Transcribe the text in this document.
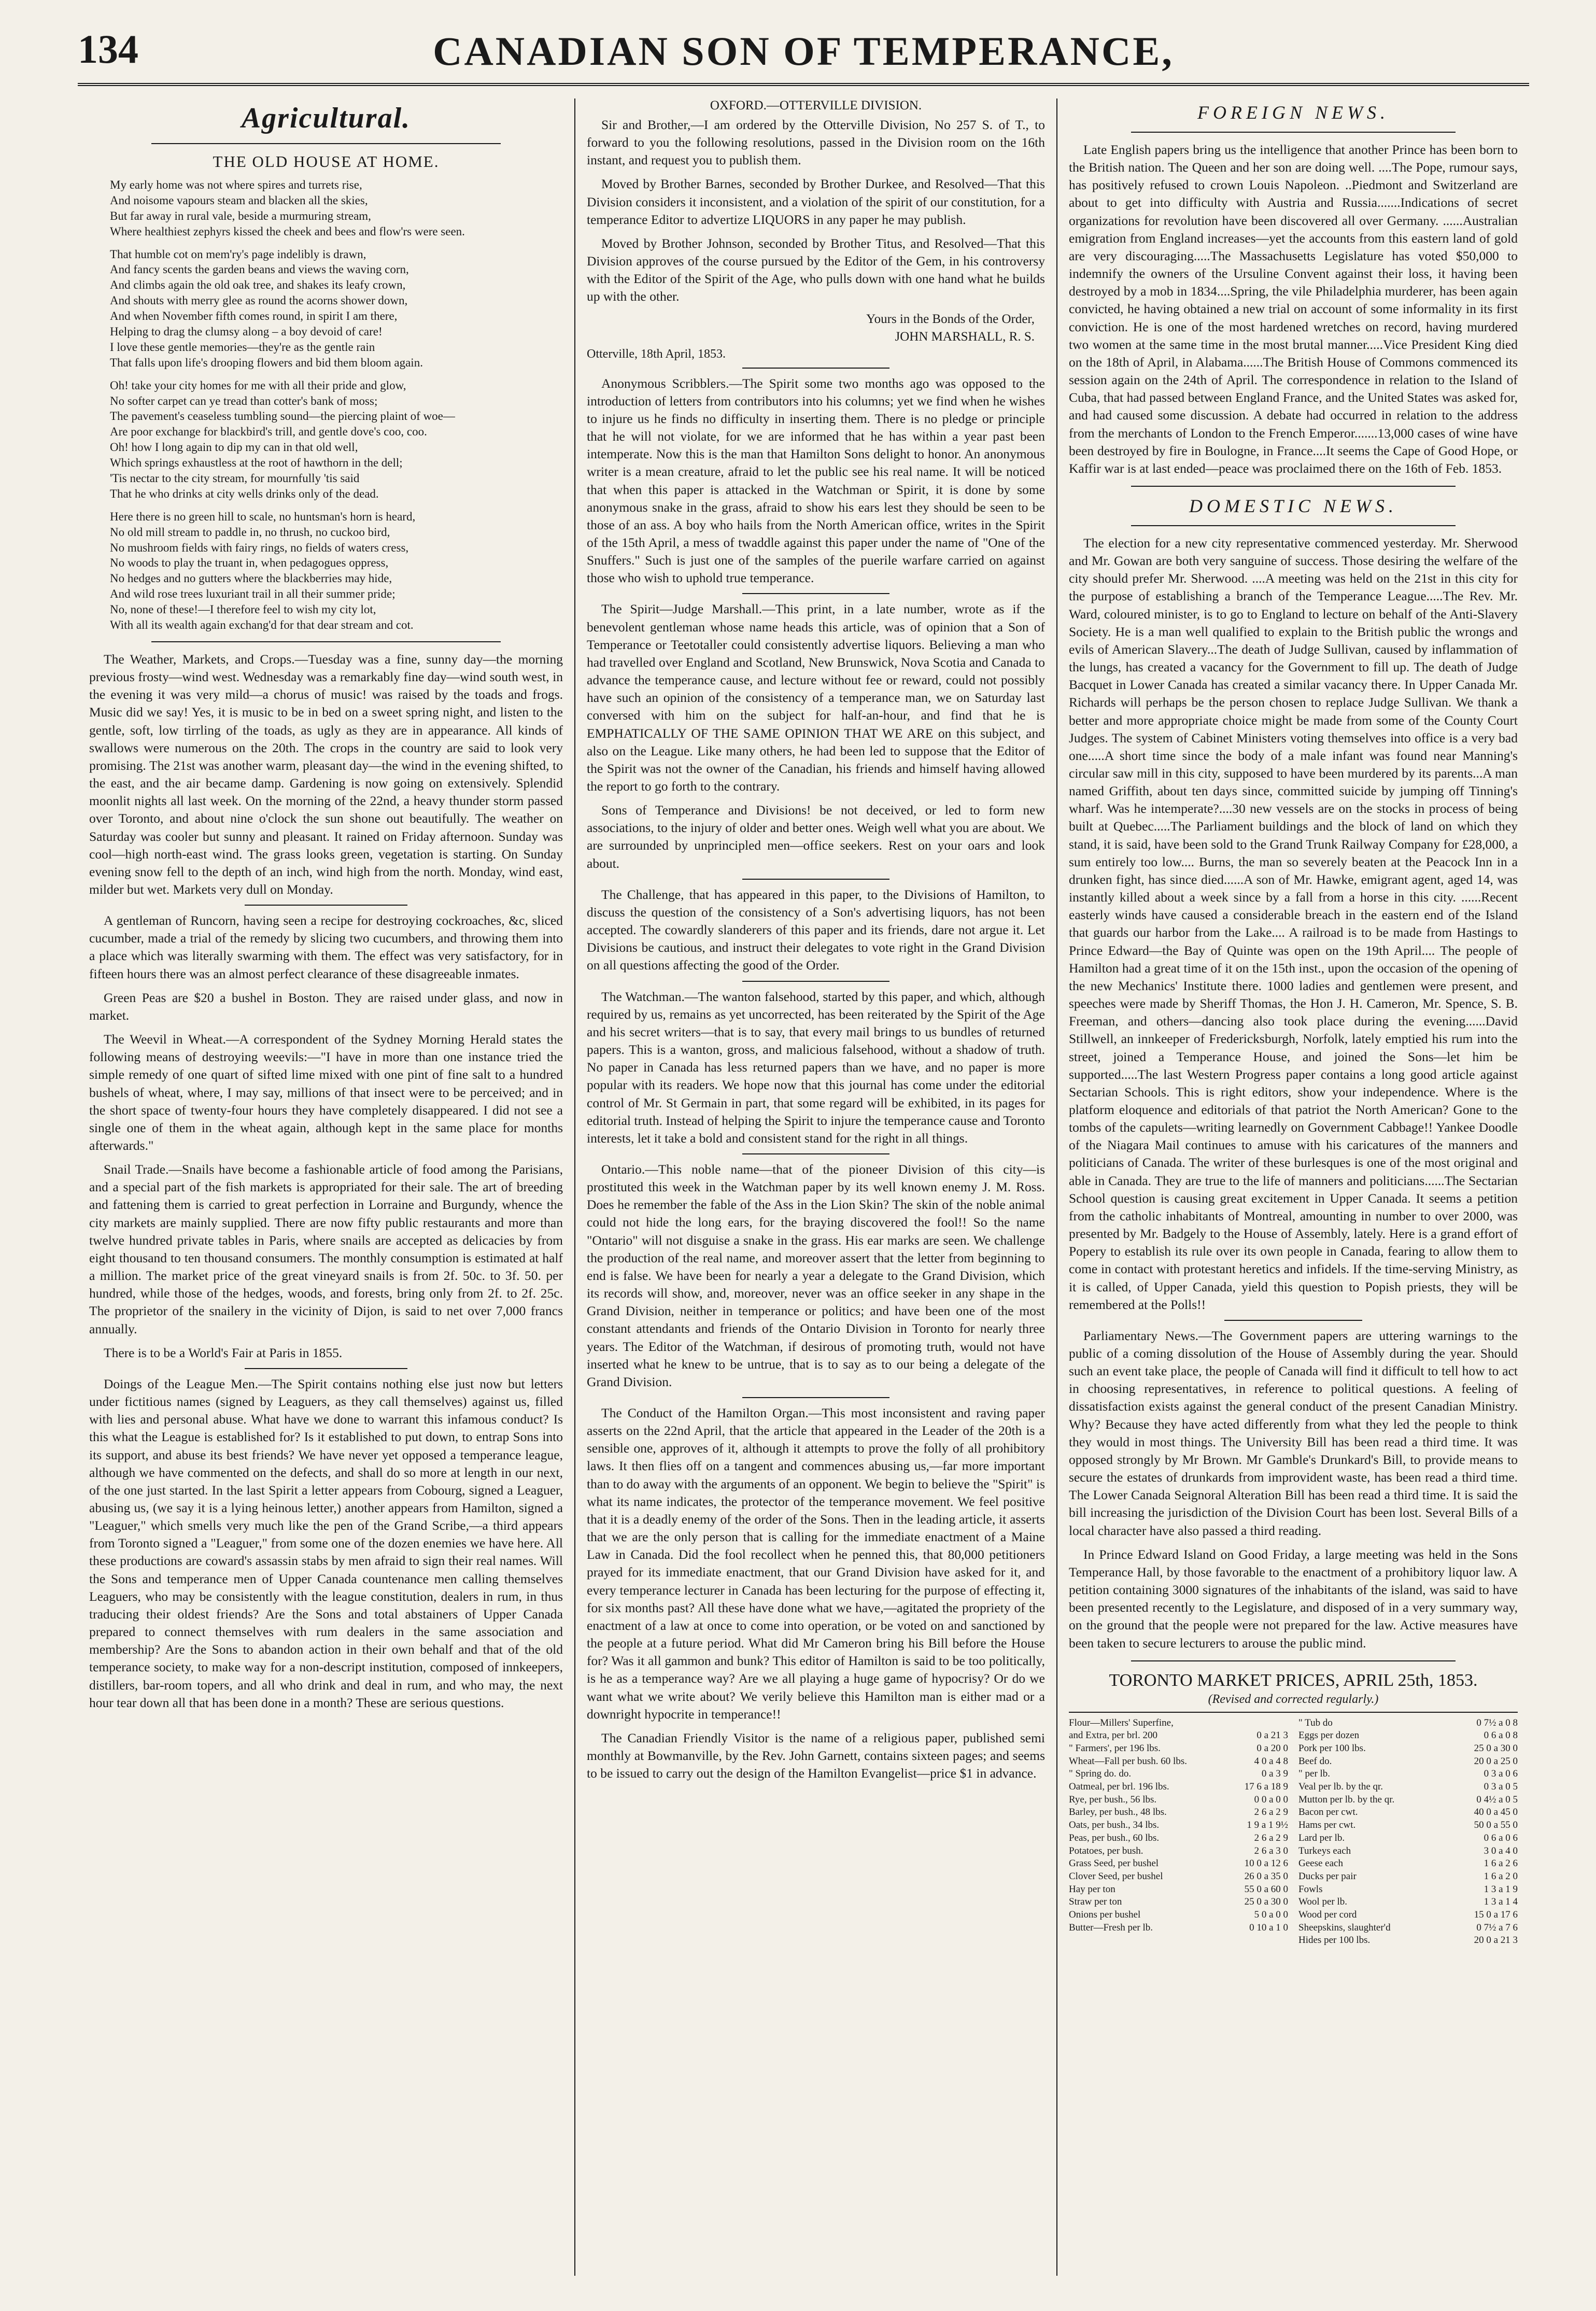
134	CANADIAN SON OF TEMPERANCE,
Agricultural.
THE OLD HOUSE AT HOME.

My early home was not where spires and turrets rise,

And noisome vapours steam and blacken all the skies,

But far away in rural vale, beside a murmuring stream,

Where healthiest zephyrs kissed the cheek and bees and flow'rs were seen.

That humble cot on mem'ry's page indelibly is drawn,

And fancy scents the garden beans and views the waving corn,

And climbs again the old oak tree, and shakes its leafy crown,

And shouts with merry glee as round the acorns shower down,

And when November fifth comes round, in spirit I am there,

Helping to drag the clumsy along – a boy devoid of care!

I love these gentle memories—they're as the gentle rain

That falls upon life's drooping flowers and bid them bloom again.

Oh! take your city homes for me with all their pride and glow,

No softer carpet can ye tread than cotter's bank of moss;

The pavement's ceaseless tumbling sound—the piercing plaint of woe—

Are poor exchange for blackbird's trill, and gentle dove's coo, coo.

Oh! how I long again to dip my can in that old well,

Which springs exhaustless at the root of hawthorn in the dell;

'Tis nectar to the city stream, for mournfully 'tis said

That he who drinks at city wells drinks only of the dead.

Here there is no green hill to scale, no huntsman's horn is heard,

No old mill stream to paddle in, no thrush, no cuckoo bird,

No mushroom fields with fairy rings, no fields of waters cress,

No woods to play the truant in, when pedagogues oppress,

No hedges and no gutters where the blackberries may hide,

And wild rose trees luxuriant trail in all their summer pride;

No, none of these!—I therefore feel to wish my city lot,

With all its wealth again exchang'd for that dear stream and cot.

The Weather, Markets, and Crops.—Tuesday was a fine, sunny day—the morning previous frosty—wind west. Wednesday was a remarkably fine day—wind south west, in the evening it was very mild—a chorus of music! was raised by the toads and frogs. Music did we say! Yes, it is music to be in bed on a sweet spring night, and listen to the gentle, soft, low tirrling of the toads, as ugly as they are in appearance. All kinds of swallows were numerous on the 20th. The crops in the country are said to look very promising. The 21st was another warm, pleasant day—the wind in the evening shifted, to the east, and the air became damp. Gardening is now going on extensively. Splendid moonlit nights all last week. On the morning of the 22nd, a heavy thunder storm passed over Toronto, and about nine o'clock the sun shone out beautifully. The weather on Saturday was cooler but sunny and pleasant. It rained on Friday afternoon. Sunday was cool—high north-east wind. The grass looks green, vegetation is starting. On Sunday evening snow fell to the depth of an inch, wind high from the north. Monday, wind east, milder but wet. Markets very dull on Monday.

A gentleman of Runcorn, having seen a recipe for destroying cockroaches, &c, sliced cucumber, made a trial of the remedy by slicing two cucumbers, and throwing them into a place which was literally swarming with them. The effect was very satisfactory, for in fifteen hours there was an almost perfect clearance of these disagreeable inmates.

Green Peas are $20 a bushel in Boston. They are raised under glass, and now in market.

The Weevil in Wheat.—A correspondent of the Sydney Morning Herald states the following means of destroying weevils:—"I have in more than one instance tried the simple remedy of one quart of sifted lime mixed with one pint of fine salt to a hundred bushels of wheat, where, I may say, millions of that insect were to be perceived; and in the short space of twenty-four hours they have completely disappeared. I did not see a single one of them in the wheat again, although kept in the same place for months afterwards."

Snail Trade.—Snails have become a fashionable article of food among the Parisians, and a special part of the fish markets is appropriated for their sale. The art of breeding and fattening them is carried to great perfection in Lorraine and Burgundy, whence the city markets are mainly supplied. There are now fifty public restaurants and more than twelve hundred private tables in Paris, where snails are accepted as delicacies by from eight thousand to ten thousand consumers. The monthly consumption is estimated at half a million. The market price of the great vineyard snails is from 2f. 50c. to 3f. 50. per hundred, while those of the hedges, woods, and forests, bring only from 2f. to 2f. 25c. The proprietor of the snailery in the vicinity of Dijon, is said to net over 7,000 francs annually.

There is to be a World's Fair at Paris in 1855.

Doings of the League Men.—The Spirit contains nothing else just now but letters under fictitious names (signed by Leaguers, as they call themselves) against us, filled with lies and personal abuse. What have we done to warrant this infamous conduct? Is this what the League is established for? Is it established to put down, to entrap Sons into its support, and abuse its best friends? We have never yet opposed a temperance league, although we have commented on the defects, and shall do so more at length in our next, of the one just started. In the last Spirit a letter appears from Cobourg, signed a Leaguer, abusing us, (we say it is a lying heinous letter,) another appears from Hamilton, signed a "Leaguer," which smells very much like the pen of the Grand Scribe,—a third appears from Toronto signed a "Leaguer," from some one of the dozen enemies we have here. All these productions are coward's assassin stabs by men afraid to sign their real names. Will the Sons and temperance men of Upper Canada countenance men calling themselves Leaguers, who may be consistently with the league constitution, dealers in rum, in thus traducing their oldest friends? Are the Sons and total abstainers of Upper Canada prepared to connect themselves with rum dealers in the same association and membership? Are the Sons to abandon action in their own behalf and that of the old temperance society, to make way for a non-descript institution, composed of innkeepers, distillers, bar-room topers, and all who drink and deal in rum, and who may, the next hour tear down all that has been done in a month? These are serious questions.

OXFORD.—OTTERVILLE DIVISION.

Sir and Brother,—I am ordered by the Otterville Division, No 257 S. of T., to forward to you the following resolutions, passed in the Division room on the 16th instant, and request you to publish them.

Moved by Brother Barnes, seconded by Brother Durkee, and Resolved—That this Division considers it inconsistent, and a violation of the spirit of our constitution, for a temperance Editor to advertize LIQUORS in any paper he may publish.

Moved by Brother Johnson, seconded by Brother Titus, and Resolved—That this Division approves of the course pursued by the Editor of the Gem, in his controversy with the Editor of the Spirit of the Age, who pulls down with one hand what he builds up with the other.

Yours in the Bonds of the Order,
JOHN MARSHALL, R. S.
Otterville, 18th April, 1853.

Anonymous Scribblers.—The Spirit some two months ago was opposed to the introduction of letters from contributors into his columns; yet we find when he wishes to injure us he finds no difficulty in inserting them. There is no pledge or principle that he will not violate, for we are informed that he has within a year past been intemperate. Now this is the man that Hamilton Sons delight to honor. An anonymous writer is a mean creature, afraid to let the public see his real name. It will be noticed that when this paper is attacked in the Watchman or Spirit, it is done by some anonymous snake in the grass, afraid to show his ears lest they should be seen to be those of an ass. A boy who hails from the North American office, writes in the Spirit of the 15th April, a mess of twaddle against this paper under the name of "One of the Snuffers." Such is just one of the samples of the puerile warfare carried on against those who wish to uphold true temperance.

The Spirit—Judge Marshall.—This print, in a late number, wrote as if the benevolent gentleman whose name heads this article, was of opinion that a Son of Temperance or Teetotaller could consistently advertise liquors. Believing a man who had travelled over England and Scotland, New Brunswick, Nova Scotia and Canada to advance the temperance cause, and lecture without fee or reward, could not possibly have such an opinion of the consistency of a temperance man, we on Saturday last conversed with him on the subject for half-an-hour, and find that he is EMPHATICALLY OF THE SAME OPINION THAT WE ARE on this subject, and also on the League. Like many others, he had been led to suppose that the Editor of the Spirit was not the owner of the Canadian, his friends and himself having allowed the report to go forth to the contrary.

Sons of Temperance and Divisions! be not deceived, or led to form new associations, to the injury of older and better ones. Weigh well what you are about. We are surrounded by unprincipled men—office seekers. Rest on your oars and look about.

The Challenge, that has appeared in this paper, to the Divisions of Hamilton, to discuss the question of the consistency of a Son's advertising liquors, has not been accepted. The cowardly slanderers of this paper and its friends, dare not argue it. Let Divisions be cautious, and instruct their delegates to vote right in the Grand Division on all questions affecting the good of the Order.

The Watchman.—The wanton falsehood, started by this paper, and which, although required by us, remains as yet uncorrected, has been reiterated by the Spirit of the Age and his secret writers—that is to say, that every mail brings to us bundles of returned papers. This is a wanton, gross, and malicious falsehood, without a shadow of truth. No paper in Canada has less returned papers than we have, and no paper is more popular with its readers. We hope now that this journal has come under the editorial control of Mr. St Germain in part, that some regard will be exhibited, in its pages for editorial truth. Instead of helping the Spirit to injure the temperance cause and Toronto interests, let it take a bold and consistent stand for the right in all things.

Ontario.—This noble name—that of the pioneer Division of this city—is prostituted this week in the Watchman paper by its well known enemy J. M. Ross. Does he remember the fable of the Ass in the Lion Skin? The skin of the noble animal could not hide the long ears, for the braying discovered the fool!! So the name "Ontario" will not disguise a snake in the grass. His ear marks are seen. We challenge the production of the real name, and moreover assert that the letter from beginning to end is false. We have been for nearly a year a delegate to the Grand Division, which its records will show, and, moreover, never was an office seeker in any shape in the Grand Division, neither in temperance or politics; and have been one of the most constant attendants and friends of the Ontario Division in Toronto for nearly three years. The Editor of the Watchman, if desirous of promoting truth, would not have inserted what he knew to be untrue, that is to say as to our being a delegate of the Grand Division.

The Conduct of the Hamilton Organ.—This most inconsistent and raving paper asserts on the 22nd April, that the article that appeared in the Leader of the 20th is a sensible one, approves of it, although it attempts to prove the folly of all prohibitory laws. It then flies off on a tangent and commences abusing us,—far more important than to do away with the arguments of an opponent. We begin to believe the "Spirit" is what its name indicates, the protector of the temperance movement. We feel positive that it is a deadly enemy of the order of the Sons. Then in the leading article, it asserts that we are the only person that is calling for the immediate enactment of a Maine Law in Canada. Did the fool recollect when he penned this, that 80,000 petitioners prayed for its immediate enactment, that our Grand Division have asked for it, and every temperance lecturer in Canada has been lecturing for the purpose of effecting it, for six months past? All these have done what we have,—agitated the propriety of the enactment of a law at once to come into operation, or be voted on and sanctioned by the people at a future period. What did Mr Cameron bring his Bill before the House for? Was it all gammon and bunk? This editor of Hamilton is said to be too politically, is he as a temperance way? Are we all playing a huge game of hypocrisy? Or do we want what we write about? We verily believe this Hamilton man is either mad or a downright hypocrite in temperance!!

The Canadian Friendly Visitor is the name of a religious paper, published semi monthly at Bowmanville, by the Rev. John Garnett, contains sixteen pages; and seems to be issued to carry out the design of the Hamilton Evangelist—price $1 in advance.

FOREIGN NEWS.

Late English papers bring us the intelligence that another Prince has been born to the British nation. The Queen and her son are doing well. ....The Pope, rumour says, has positively refused to crown Louis Napoleon. ..Piedmont and Switzerland are about to get into difficulty with Austria and Russia.......Indications of secret organizations for revolution have been discovered all over Germany. ......Australian emigration from England increases—yet the accounts from this eastern land of gold are very discouraging.....The Massachusetts Legislature has voted $50,000 to indemnify the owners of the Ursuline Convent against their loss, it having been destroyed by a mob in 1834....Spring, the vile Philadelphia murderer, has been again convicted, he having obtained a new trial on account of some informality in its first conviction. He is one of the most hardened wretches on record, having murdered two women at the same time in the most brutal manner.....Vice President King died on the 18th of April, in Alabama......The British House of Commons commenced its session again on the 24th of April. The correspondence in relation to the Island of Cuba, that had passed between England France, and the United States was asked for, and had caused some discussion. A debate had occurred in relation to the address from the merchants of London to the French Emperor.......13,000 cases of wine have been destroyed by fire in Boulogne, in France....It seems the Cape of Good Hope, or Kaffir war is at last ended—peace was proclaimed there on the 16th of Feb. 1853.

DOMESTIC NEWS.

The election for a new city representative commenced yesterday. Mr. Sherwood and Mr. Gowan are both very sanguine of success. Those desiring the welfare of the city should prefer Mr. Sherwood. ....A meeting was held on the 21st in this city for the purpose of establishing a branch of the Temperance League.....The Rev. Mr. Ward, coloured minister, is to go to England to lecture on behalf of the Anti-Slavery Society. He is a man well qualified to explain to the British public the wrongs and evils of American Slavery...The death of Judge Sullivan, caused by inflammation of the lungs, has created a vacancy for the Government to fill up. The death of Judge Bacquet in Lower Canada has created a similar vacancy there. In Upper Canada Mr. Richards will perhaps be the person chosen to replace Judge Sullivan. We thank a better and more appropriate choice might be made from some of the County Court Judges. The system of Cabinet Ministers voting themselves into office is a very bad one.....A short time since the body of a male infant was found near Manning's circular saw mill in this city, supposed to have been murdered by its parents...A man named Griffith, about ten days since, committed suicide by jumping off Tinning's wharf. Was he intemperate?....30 new vessels are on the stocks in process of being built at Quebec.....The Parliament buildings and the block of land on which they stand, it is said, have been sold to the Grand Trunk Railway Company for £28,000, a sum entirely too low.... Burns, the man so severely beaten at the Peacock Inn in a drunken fight, has since died......A son of Mr. Hawke, emigrant agent, aged 14, was instantly killed about a week since by a fall from a horse in this city. ......Recent easterly winds have caused a considerable breach in the eastern end of the Island that guards our harbor from the Lake.... A railroad is to be made from Hastings to Prince Edward—the Bay of Quinte was open on the 19th April.... The people of Hamilton had a great time of it on the 15th inst., upon the occasion of the opening of the new Mechanics' Institute there. 1000 ladies and gentlemen were present, and speeches were made by Sheriff Thomas, the Hon J. H. Cameron, Mr. Spence, S. B. Freeman, and others—dancing also took place during the evening......David Stillwell, an innkeeper of Fredericksburgh, Norfolk, lately emptied his rum into the street, joined a Temperance House, and joined the Sons—let him be supported.....The last Western Progress paper contains a long good article against Sectarian Schools. This is right editors, show your independence. Where is the platform eloquence and editorials of that patriot the North American? Gone to the tombs of the capulets—writing learnedly on Government Cabbage!! Yankee Doodle of the Niagara Mail continues to amuse with his caricatures of the manners and politicians of Canada. The writer of these burlesques is one of the most original and able in Canada. They are true to the life of manners and politicians......The Sectarian School question is causing great excitement in Upper Canada. It seems a petition from the catholic inhabitants of Montreal, amounting in number to over 2000, was presented by Mr. Badgely to the House of Assembly, lately. Here is a grand effort of Popery to establish its rule over its own people in Canada, fearing to allow them to come in contact with protestant heretics and infidels. If the time-serving Ministry, as it is called, of Upper Canada, yield this question to Popish priests, they will be remembered at the Polls!!

Parliamentary News.—The Government papers are uttering warnings to the public of a coming dissolution of the House of Assembly during the year. Should such an event take place, the people of Canada will find it difficult to tell how to act in choosing representatives, in reference to political questions. A feeling of dissatisfaction exists against the general conduct of the present Canadian Ministry. Why? Because they have acted differently from what they led the people to think they would in most things. The University Bill has been read a third time. It was opposed strongly by Mr Brown. Mr Gamble's Drunkard's Bill, to provide means to secure the estates of drunkards from improvident waste, has been read a third time. The Lower Canada Seignoral Alteration Bill has been read a third time. It is said the bill increasing the jurisdiction of the Division Court has been lost. Several Bills of a local character have also passed a third reading.

In Prince Edward Island on Good Friday, a large meeting was held in the Sons Temperance Hall, by those favorable to the enactment of a prohibitory liquor law. A petition containing 3000 signatures of the inhabitants of the island, was said to have been presented recently to the Legislature, and disposed of in a very summary way, on the ground that the people were not prepared for the law. Active measures have been taken to secure lecturers to arouse the public mind.

TORONTO MARKET PRICES, APRIL 25th, 1853.
(Revised and corrected regularly.)
Flour—Millers' Superfine,
and Extra, per brl. 200	0 a 21 3
" Farmers', per 196 lbs.	0 a 20 0
Wheat—Fall per bush. 60 lbs.	4 0 a 4 8
" Spring do. do.	0 a 3 9
Oatmeal, per brl. 196 lbs.	17 6 a 18 9
Rye, per bush., 56 lbs.	0 0 a 0 0
Barley, per bush., 48 lbs.	2 6 a 2 9
Oats, per bush., 34 lbs.	1 9 a 1 9½
Peas, per bush., 60 lbs.	2 6 a 2 9
Potatoes, per bush.	2 6 a 3 0
Grass Seed, per bushel	10 0 a 12 6
Clover Seed, per bushel	26 0 a 35 0
Hay per ton	55 0 a 60 0
Straw per ton	25 0 a 30 0
Onions per bushel	5 0 a 0 0
Butter—Fresh per lb.	0 10 a 1 0
" Tub do	0 7½ a 0 8
Eggs per dozen	0 6 a 0 8
Pork per 100 lbs.	25 0 a 30 0
Beef do.	20 0 a 25 0
" per lb.	0 3 a 0 6
Veal per lb. by the qr.	0 3 a 0 5
Mutton per lb. by the qr.	0 4½ a 0 5
Bacon per cwt.	40 0 a 45 0
Hams per cwt.	50 0 a 55 0
Lard per lb.	0 6 a 0 6
Turkeys each	3 0 a 4 0
Geese each	1 6 a 2 6
Ducks per pair	1 6 a 2 0
Fowls	1 3 a 1 9
Wool per lb.	1 3 a 1 4
Wood per cord	15 0 a 17 6
Sheepskins, slaughter'd	0 7½ a 7 6
Hides per 100 lbs.	20 0 a 21 3
